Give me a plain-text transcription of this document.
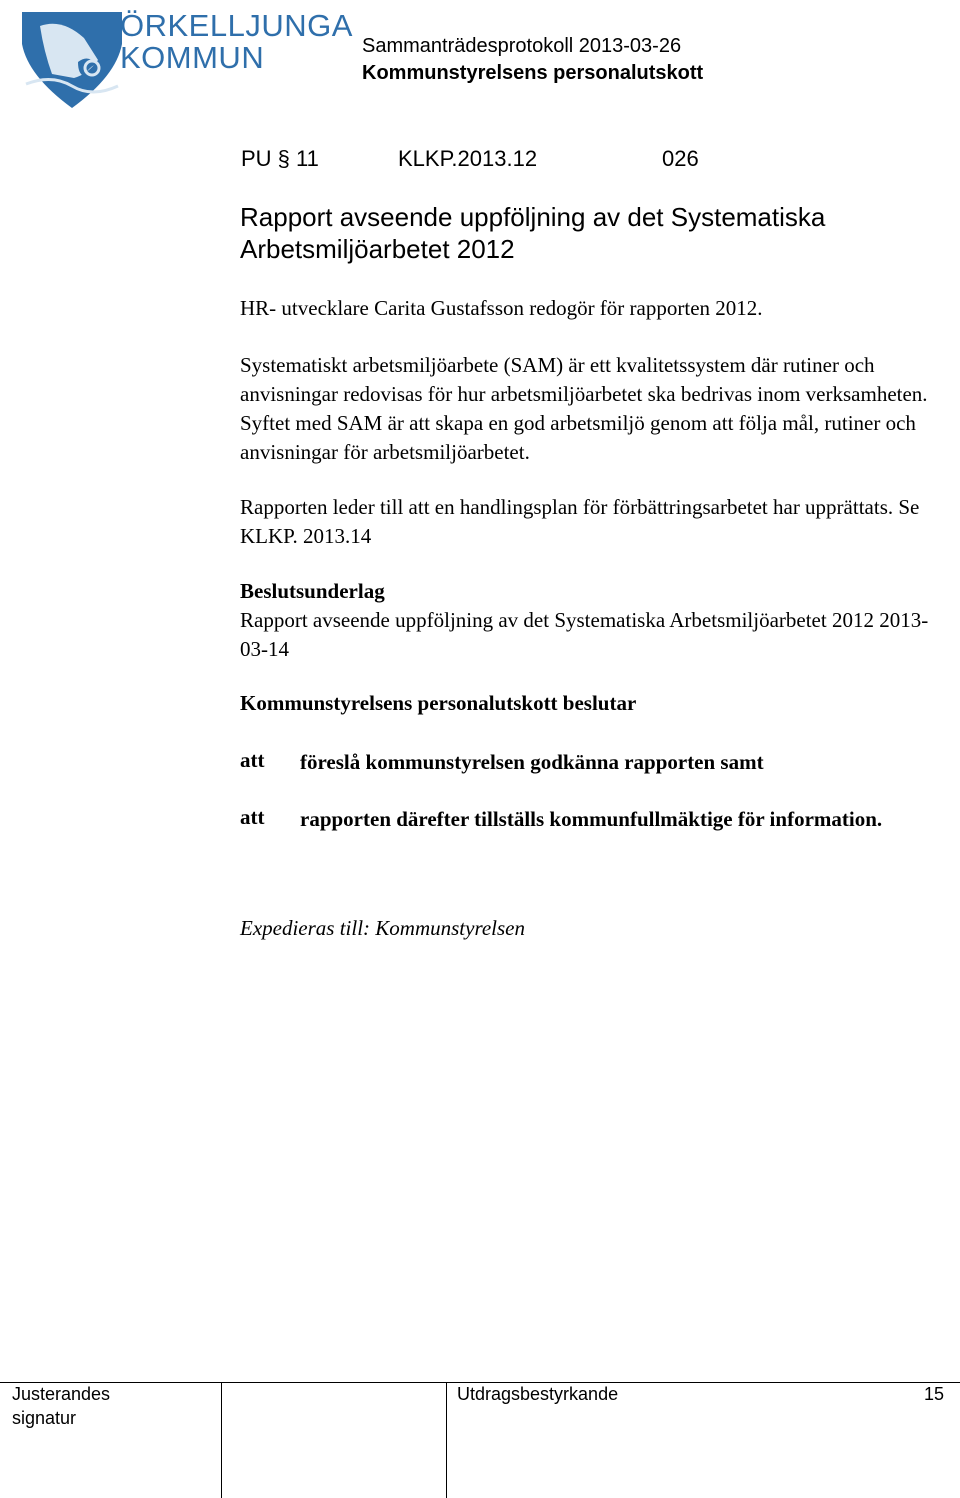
ÖRKELLJUNGA
KOMMUN	Sammanträdesprotokoll 2013-03-26
Kommunstyrelsens personalutskott
PU § 11	KLKP.2013.12	026
Rapport avseende uppföljning av det Systematiska Arbetsmiljöarbetet 2012
HR- utvecklare Carita Gustafsson redogör för rapporten 2012.
Systematiskt arbetsmiljöarbete (SAM) är ett kvalitetssystem där rutiner och anvisningar redovisas för hur arbetsmiljöarbetet ska bedrivas inom verksamheten. Syftet med SAM är att skapa en god arbetsmiljö genom att följa mål, rutiner och anvisningar för arbetsmiljöarbetet.
Rapporten leder till att en handlingsplan för förbättringsarbetet har upprättats. Se KLKP. 2013.14
Beslutsunderlag
Rapport avseende uppföljning av det Systematiska Arbetsmiljöarbetet 2012 2013-03-14
Kommunstyrelsens personalutskott beslutar
att föreslå kommunstyrelsen godkänna rapporten samt
att rapporten därefter tillställs kommunfullmäktige för information.
Expedieras till: Kommunstyrelsen
Justerandes
signatur
Utdragsbestyrkande	15
